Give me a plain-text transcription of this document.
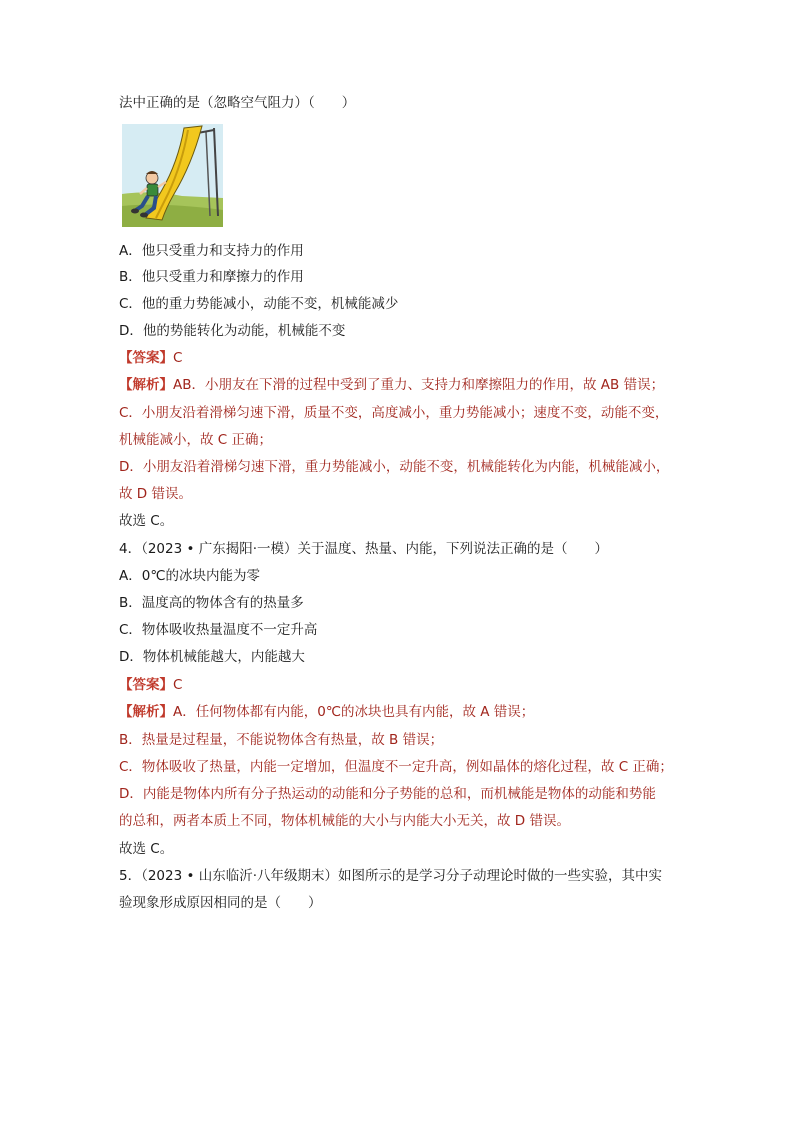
法中正确的是（忽略空气阻力）（　　）
A．他只受重力和支持力的作用
B．他只受重力和摩擦力的作用
C．他的重力势能减小，动能不变，机械能减少
D．他的势能转化为动能，机械能不变
【答案】C
【解析】AB．小朋友在下滑的过程中受到了重力、支持力和摩擦阻力的作用，故 AB 错误；
C．小朋友沿着滑梯匀速下滑，质量不变，高度减小，重力势能减小；速度不变，动能不变，
机械能减小，故 C 正确；
D．小朋友沿着滑梯匀速下滑，重力势能减小，动能不变，机械能转化为内能，机械能减小，
故 D 错误。
故选 C。
4．（2023 • 广东揭阳·一模）关于温度、热量、内能，下列说法正确的是（　　）
A．0℃的冰块内能为零
B．温度高的物体含有的热量多
C．物体吸收热量温度不一定升高
D．物体机械能越大，内能越大
【答案】C
【解析】A．任何物体都有内能，0℃的冰块也具有内能，故 A 错误；
B．热量是过程量，不能说物体含有热量，故 B 错误；
C．物体吸收了热量，内能一定增加，但温度不一定升高，例如晶体的熔化过程，故 C 正确；
D．内能是物体内所有分子热运动的动能和分子势能的总和，而机械能是物体的动能和势能
的总和，两者本质上不同，物体机械能的大小与内能大小无关，故 D 错误。
故选 C。
5．（2023 • 山东临沂·八年级期末）如图所示的是学习分子动理论时做的一些实验，其中实
验现象形成原因相同的是（　　）
